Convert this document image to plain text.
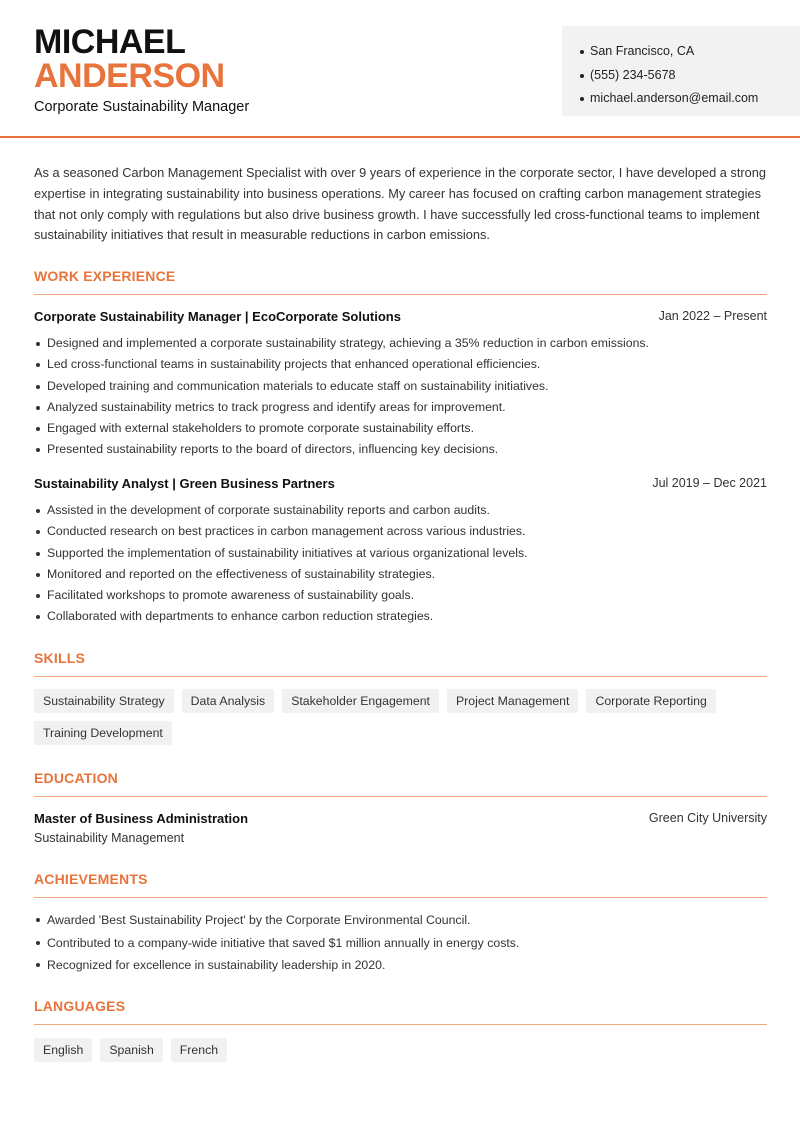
MICHAEL
ANDERSON
Corporate Sustainability Manager
San Francisco, CA
(555) 234-5678
michael.anderson@email.com

As a seasoned Carbon Management Specialist with over 9 years of experience in the corporate sector, I have developed a strong expertise in integrating sustainability into business operations. My career has focused on crafting carbon management strategies that not only comply with regulations but also drive business growth. I have successfully led cross-functional teams to implement sustainability initiatives that result in measurable reductions in carbon emissions.

WORK EXPERIENCE
Corporate Sustainability Manager | EcoCorporate Solutions	Jan 2022 – Present
Designed and implemented a corporate sustainability strategy, achieving a 35% reduction in carbon emissions.
Led cross-functional teams in sustainability projects that enhanced operational efficiencies.
Developed training and communication materials to educate staff on sustainability initiatives.
Analyzed sustainability metrics to track progress and identify areas for improvement.
Engaged with external stakeholders to promote corporate sustainability efforts.
Presented sustainability reports to the board of directors, influencing key decisions.
Sustainability Analyst | Green Business Partners	Jul 2019 – Dec 2021
Assisted in the development of corporate sustainability reports and carbon audits.
Conducted research on best practices in carbon management across various industries.
Supported the implementation of sustainability initiatives at various organizational levels.
Monitored and reported on the effectiveness of sustainability strategies.
Facilitated workshops to promote awareness of sustainability goals.
Collaborated with departments to enhance carbon reduction strategies.
SKILLS
Sustainability Strategy	Data Analysis	Stakeholder Engagement	Project Management	Corporate Reporting
Training Development
EDUCATION
Master of Business Administration	Green City University
Sustainability Management
ACHIEVEMENTS
Awarded 'Best Sustainability Project' by the Corporate Environmental Council.
Contributed to a company-wide initiative that saved $1 million annually in energy costs.
Recognized for excellence in sustainability leadership in 2020.
LANGUAGES
English	Spanish	French
